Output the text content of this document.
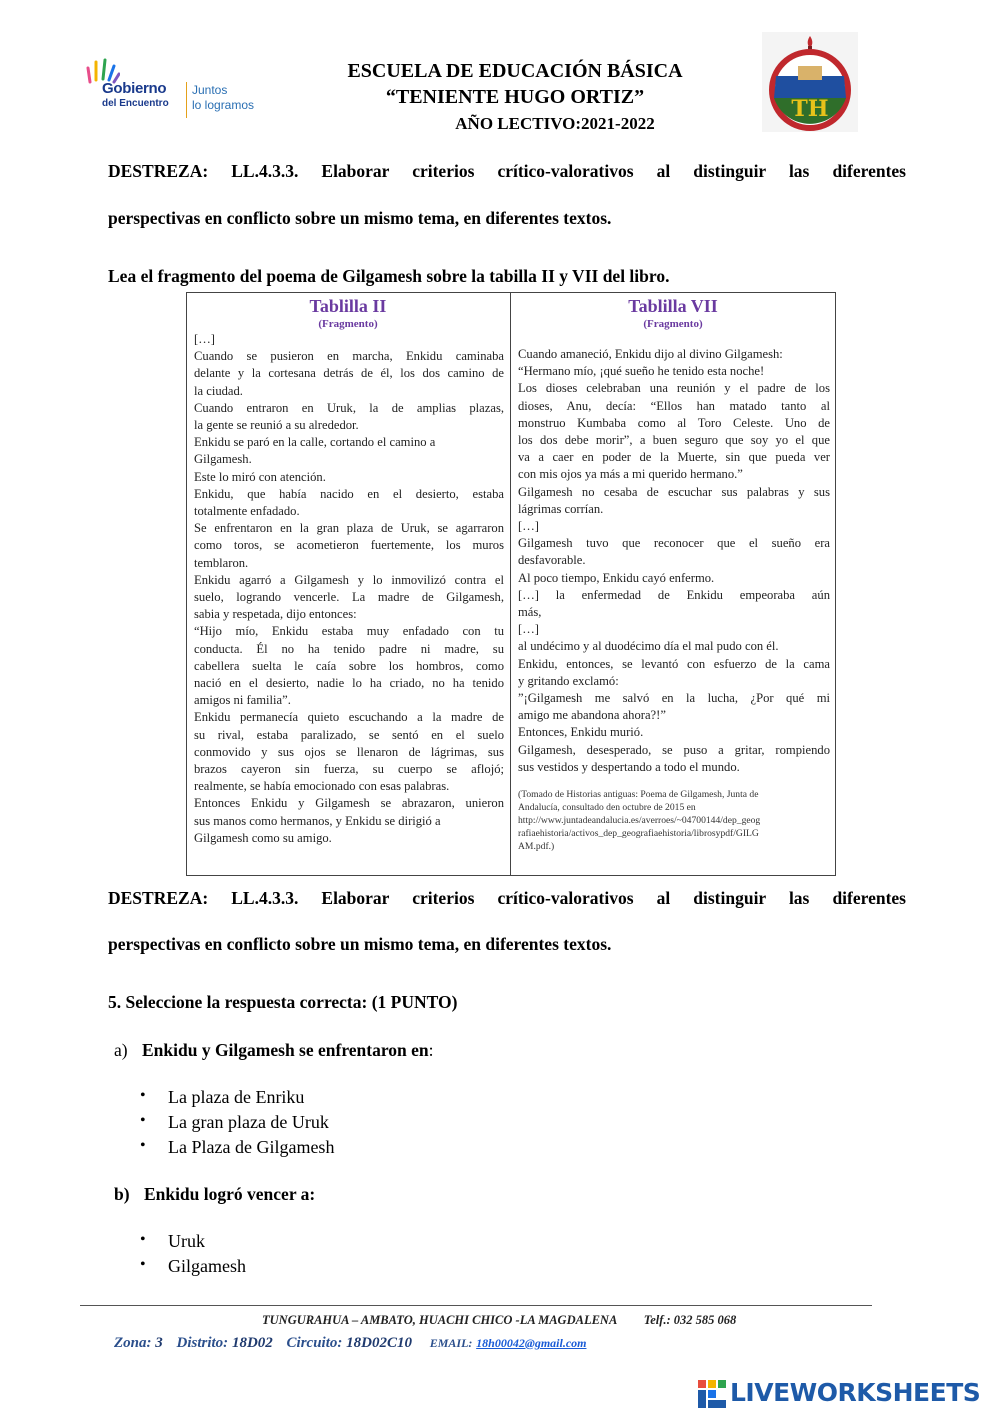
Gobierno
del Encuentro
Juntos
lo logramos
ESCUELA DE EDUCACIÓN BÁSICA
“TENIENTE HUGO ORTIZ”
AÑO LECTIVO:2021-2022
TH
DESTREZA: LL.4.3.3. Elaborar criterios crítico-valorativos al distinguir las diferentes
perspectivas en conflicto sobre un mismo tema, en diferentes textos.
Lea el fragmento del poema de Gilgamesh sobre la tabilla II y VII del libro.
Tablilla II
(Fragmento)
[…]
Cuando se pusieron en marcha, Enkidu caminaba
delante y la cortesana detrás de él, los dos camino de
la ciudad.
Cuando entraron en Uruk, la de amplias plazas,
la gente se reunió a su alrededor.
Enkidu se paró en la calle, cortando el camino a
Gilgamesh.
Este lo miró con atención.
Enkidu, que había nacido en el desierto, estaba
totalmente enfadado.
Se enfrentaron en la gran plaza de Uruk, se agarraron
como toros, se acometieron fuertemente, los muros
temblaron.
Enkidu agarró a Gilgamesh y lo inmovilizó contra el
suelo, logrando vencerle. La madre de Gilgamesh,
sabia y respetada, dijo entonces:
“Hijo mío, Enkidu estaba muy enfadado con tu
conducta. Él no ha tenido padre ni madre, su
cabellera suelta le caía sobre los hombros, como
nació en el desierto, nadie lo ha criado, no ha tenido
amigos ni familia”.
Enkidu permanecía quieto escuchando a la madre de
su rival, estaba paralizado, se sentó en el suelo
conmovido y sus ojos se llenaron de lágrimas, sus
brazos cayeron sin fuerza, su cuerpo se aflojó;
realmente, se había emocionado con esas palabras.
Entonces Enkidu y Gilgamesh se abrazaron, unieron
sus manos como hermanos, y Enkidu se dirigió a
Gilgamesh como su amigo.
Tablilla VII
(Fragmento)
Cuando amaneció, Enkidu dijo al divino Gilgamesh:
“Hermano mío, ¡qué sueño he tenido esta noche!
Los dioses celebraban una reunión y el padre de los
dioses, Anu, decía: “Ellos han matado tanto al
monstruo Kumbaba como al Toro Celeste. Uno de
los dos debe morir”, a buen seguro que soy yo el que
va a caer en poder de la Muerte, sin que pueda ver
con mis ojos ya más a mi querido hermano.”
Gilgamesh no cesaba de escuchar sus palabras y sus
lágrimas corrían.
[…]
Gilgamesh tuvo que reconocer que el sueño era
desfavorable.
Al poco tiempo, Enkidu cayó enfermo.
[…] la enfermedad de Enkidu empeoraba aún
más,
[…]
al undécimo y al duodécimo día el mal pudo con él.
Enkidu, entonces, se levantó con esfuerzo de la cama
y gritando exclamó:
”¡Gilgamesh me salvó en la lucha, ¿Por qué mi
amigo me abandona ahora?!”
Entonces, Enkidu murió.
Gilgamesh, desesperado, se puso a gritar, rompiendo
sus vestidos y despertando a todo el mundo.
(Tomado de Historias antiguas: Poema de Gilgamesh, Junta de
Andalucía, consultado den octubre de 2015 en
http://www.juntadeandalucia.es/averroes/~04700144/dep_geog
rafiaehistoria/activos_dep_geografiaehistoria/librosypdf/GILG
AM.pdf.)
DESTREZA: LL.4.3.3. Elaborar criterios crítico-valorativos al distinguir las diferentes
perspectivas en conflicto sobre un mismo tema, en diferentes textos.
5. Seleccione la respuesta correcta: (1 PUNTO)
a) Enkidu y Gilgamesh se enfrentaron en:
• La plaza de Enriku
• La gran plaza de Uruk
• La Plaza de Gilgamesh
b) Enkidu logró vencer a:
• Uruk
• Gilgamesh
TUNGURAHUA – AMBATO, HUACHI CHICO -LA MAGDALENA Telf.: 032 585 068
Zona: 3 Distrito: 18D02 Circuito: 18D02C10 EMAIL: 18h00042@gmail.com
LIVEWORKSHEETS
